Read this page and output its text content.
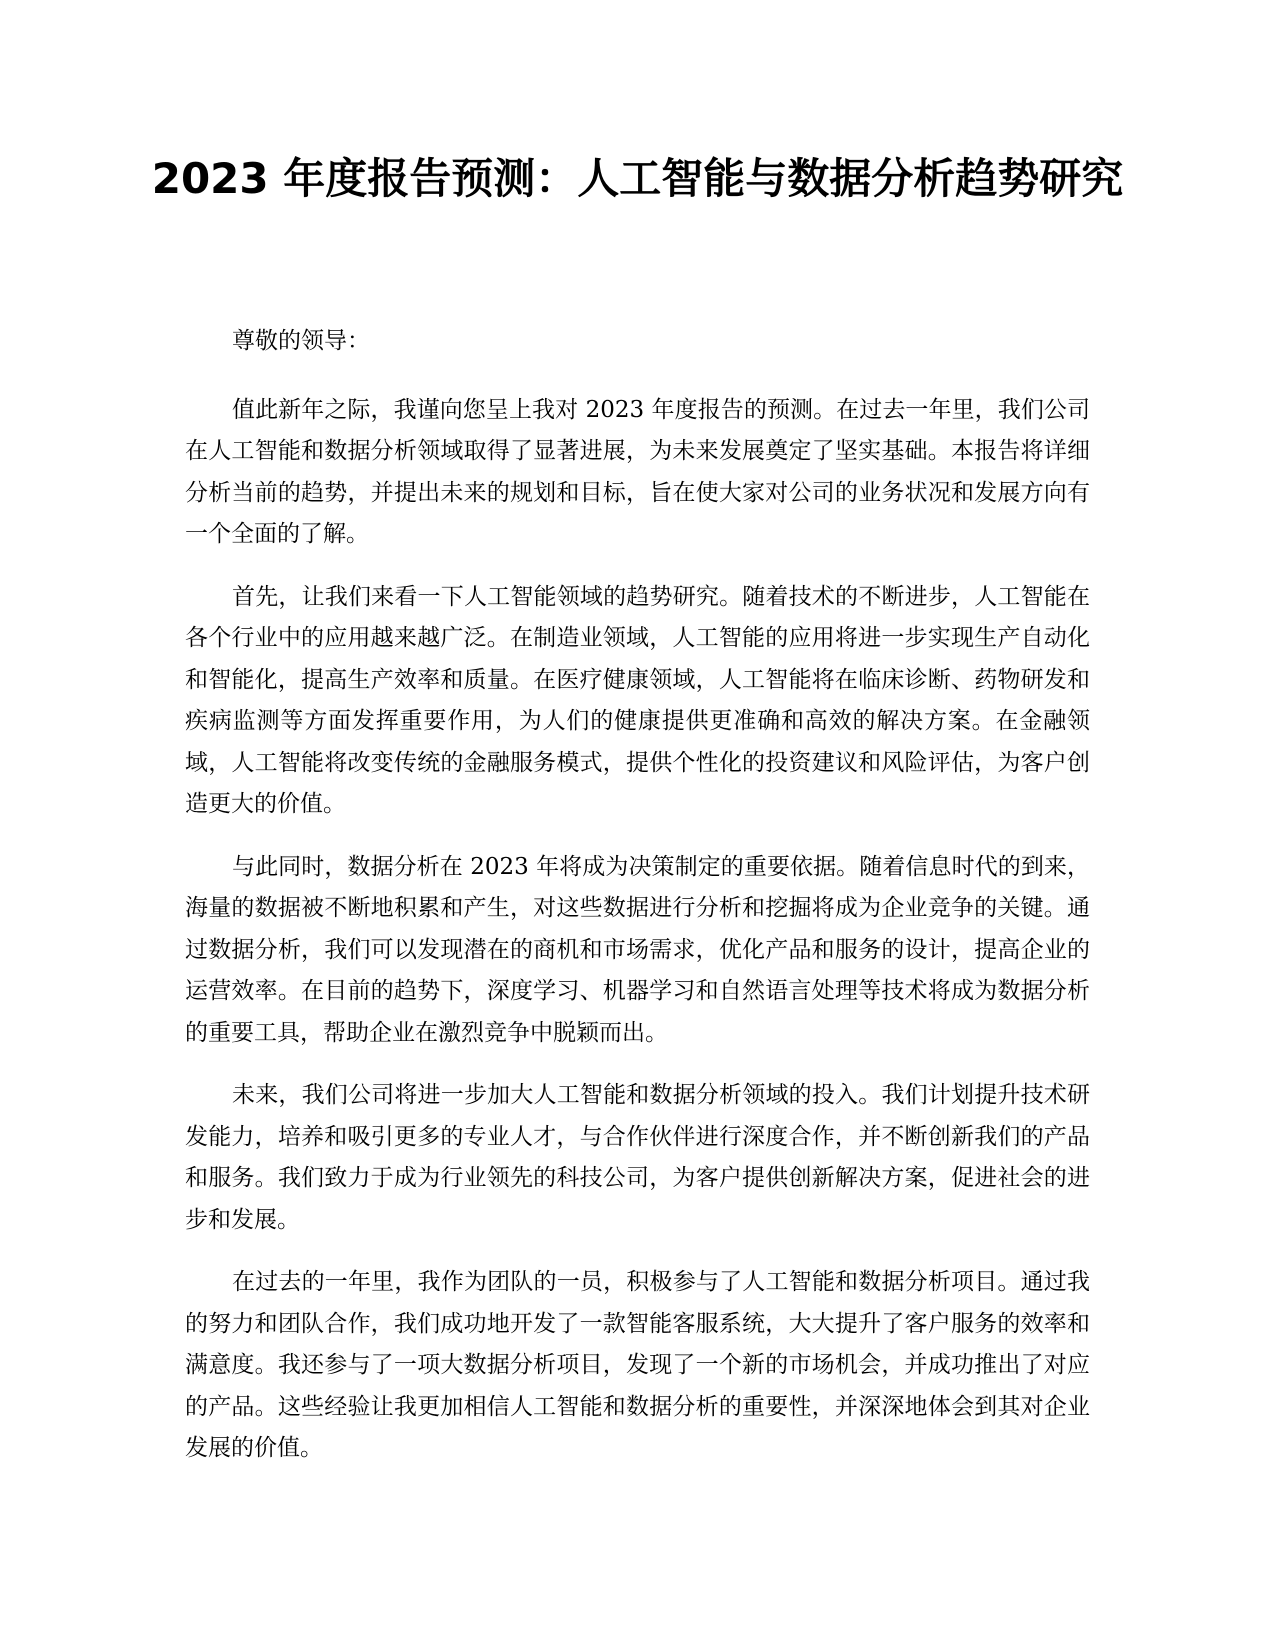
2023 年度报告预测：人工智能与数据分析趋势研究

尊敬的领导：

值此新年之际，我谨向您呈上我对 2023 年度报告的预测。在过去一年里，我们公司在人工智能和数据分析领域取得了显著进展，为未来发展奠定了坚实基础。本报告将详细分析当前的趋势，并提出未来的规划和目标，旨在使大家对公司的业务状况和发展方向有一个全面的了解。

首先，让我们来看一下人工智能领域的趋势研究。随着技术的不断进步，人工智能在各个行业中的应用越来越广泛。在制造业领域，人工智能的应用将进一步实现生产自动化和智能化，提高生产效率和质量。在医疗健康领域，人工智能将在临床诊断、药物研发和疾病监测等方面发挥重要作用，为人们的健康提供更准确和高效的解决方案。在金融领域，人工智能将改变传统的金融服务模式，提供个性化的投资建议和风险评估，为客户创造更大的价值。

与此同时，数据分析在 2023 年将成为决策制定的重要依据。随着信息时代的到来，海量的数据被不断地积累和产生，对这些数据进行分析和挖掘将成为企业竞争的关键。通过数据分析，我们可以发现潜在的商机和市场需求，优化产品和服务的设计，提高企业的运营效率。在目前的趋势下，深度学习、机器学习和自然语言处理等技术将成为数据分析的重要工具，帮助企业在激烈竞争中脱颖而出。

未来，我们公司将进一步加大人工智能和数据分析领域的投入。我们计划提升技术研发能力，培养和吸引更多的专业人才，与合作伙伴进行深度合作，并不断创新我们的产品和服务。我们致力于成为行业领先的科技公司，为客户提供创新解决方案，促进社会的进步和发展。

在过去的一年里，我作为团队的一员，积极参与了人工智能和数据分析项目。通过我的努力和团队合作，我们成功地开发了一款智能客服系统，大大提升了客户服务的效率和满意度。我还参与了一项大数据分析项目，发现了一个新的市场机会，并成功推出了对应的产品。这些经验让我更加相信人工智能和数据分析的重要性，并深深地体会到其对企业发展的价值。
